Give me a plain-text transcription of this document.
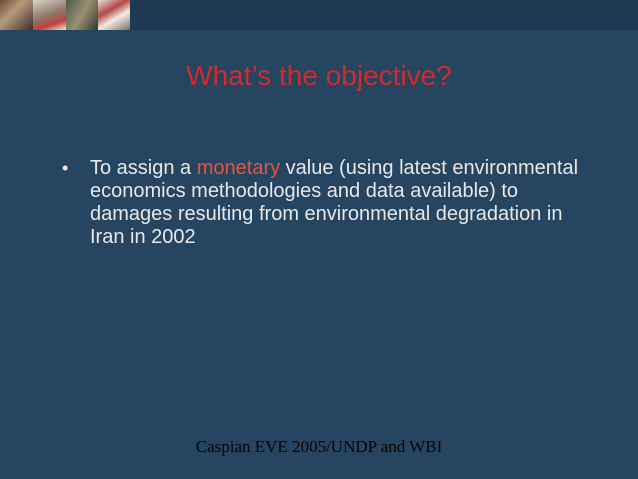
What’s the objective?
•	To assign a monetary value (using latest environmental economics methodologies and data available) to damages resulting from environmental degradation in Iran in 2002
Caspian EVE 2005/UNDP and WBI
